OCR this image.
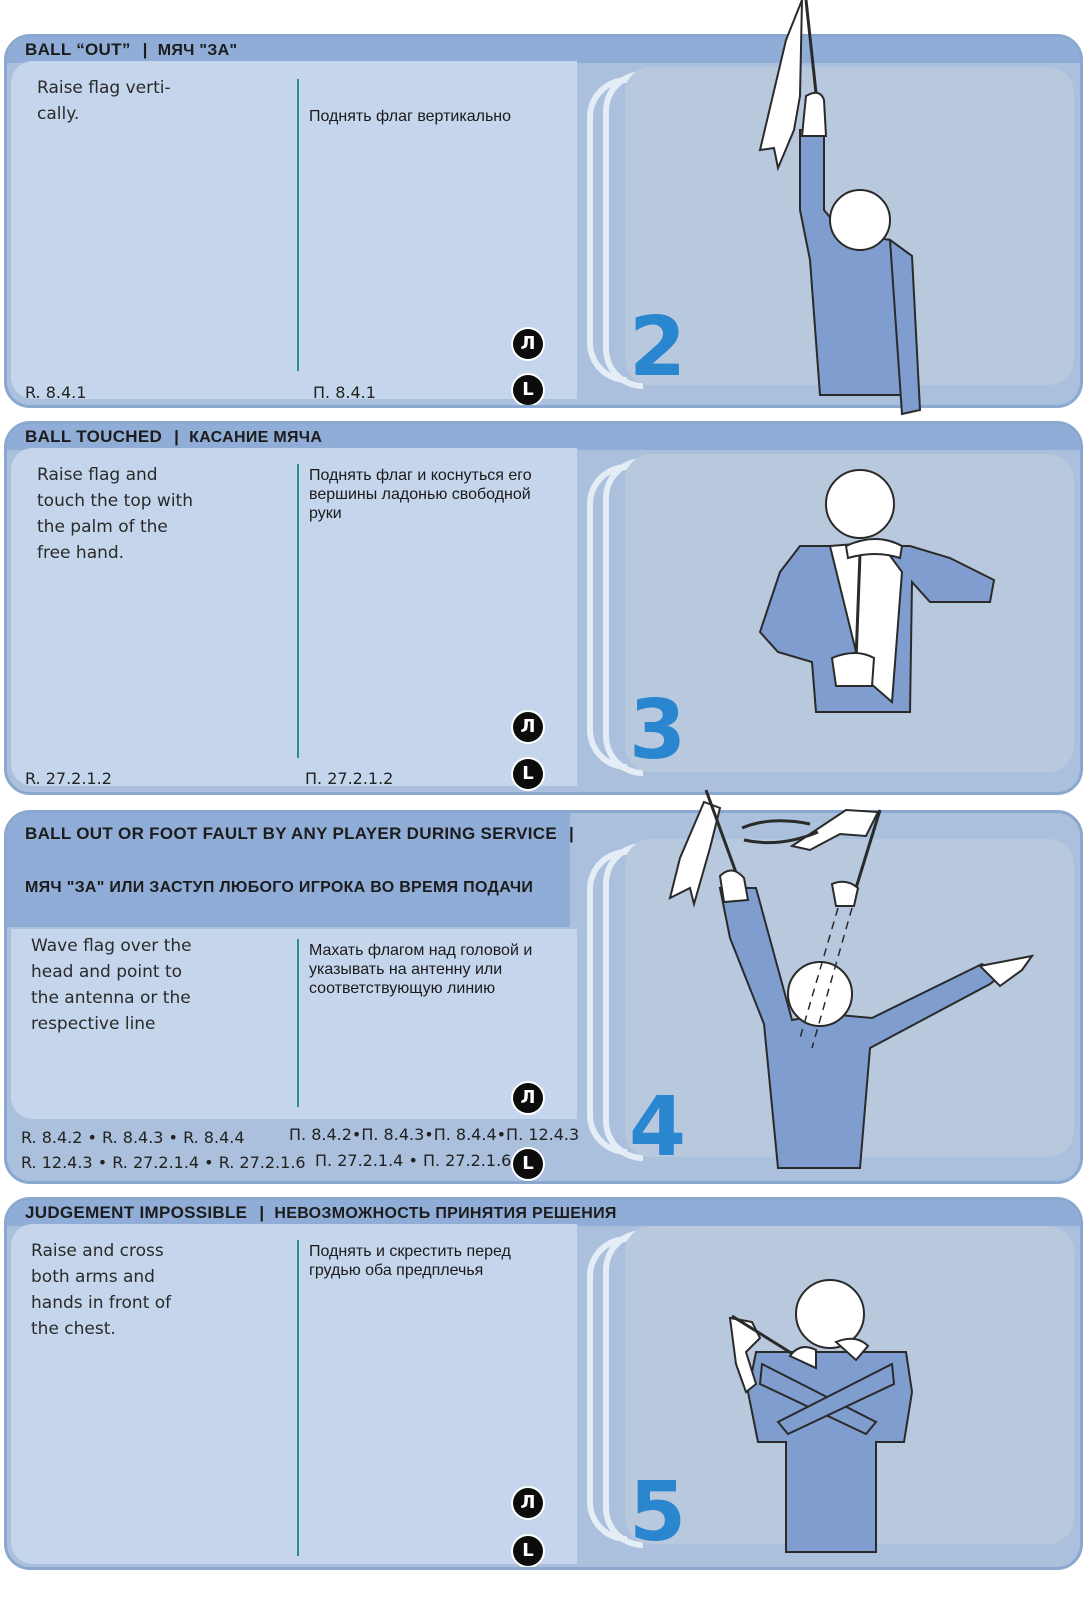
BALL “OUT” | МЯЧ "ЗА"
Raise flag verti-
cally.	Поднять флаг вертикально
R. 8.4.1	П. 8.4.1
Л
L 2
BALL TOUCHED | КАСАНИЕ МЯЧА
Raise flag and
touch the top with
the palm of the
free hand.
Поднять флаг и коснуться его
вершины ладонью свободной
руки
R. 27.2.1.2	П. 27.2.1.2
Л
L 3
BALL OUT OR FOOT FAULT BY ANY PLAYER DURING SERVICE |
МЯЧ "ЗА" ИЛИ ЗАСТУП ЛЮБОГО ИГРОКА ВО ВРЕМЯ ПОДАЧИ
Wave flag over the
head and point to
the antenna or the
respective line
Махать флагом над головой и
указывать на антенну или
соответствующую линию
R. 8.4.2 • R. 8.4.3 • R. 8.4.4
R. 12.4.3 • R. 27.2.1.4 • R. 27.2.1.6
П. 8.4.2•П. 8.4.3•П. 8.4.4•П. 12.4.3
П. 27.2.1.4 • П. 27.2.1.6
Л
L 4
JUDGEMENT IMPOSSIBLE | НЕВОЗМОЖНОСТЬ ПРИНЯТИЯ РЕШЕНИЯ
Raise and cross
both arms and
hands in front of
the chest.
Поднять и скрестить перед
грудью оба предплечья
Л
L 5
